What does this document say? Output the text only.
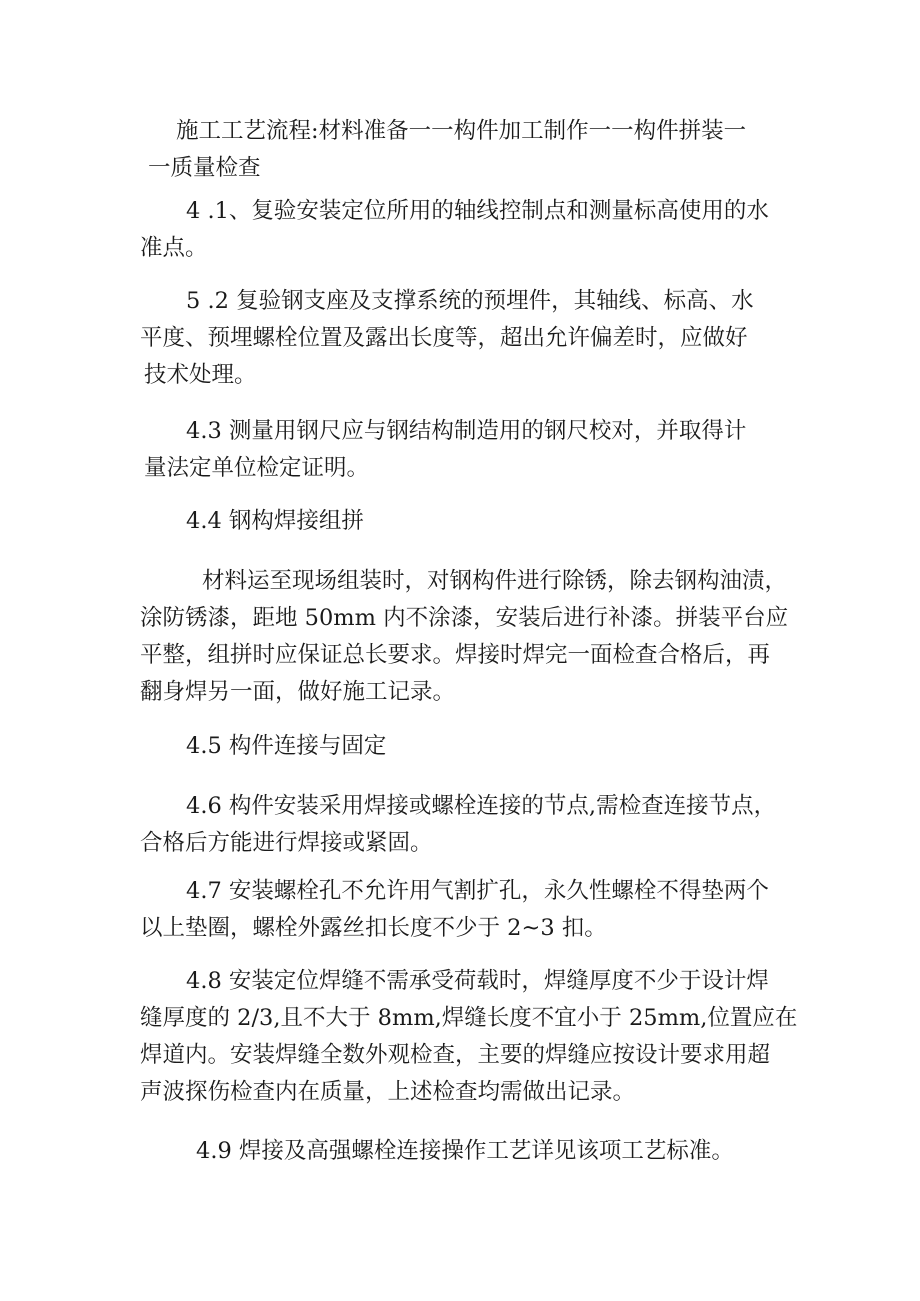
施工工艺流程:材料准备一一构件加工制作一一构件拼装一
一质量检查

4 .1、复验安装定位所用的轴线控制点和测量标高使用的水
准点。

5 .2 复验钢支座及支撑系统的预埋件，其轴线、标高、水
平度、预埋螺栓位置及露出长度等，超出允许偏差时，应做好
技术处理。

4.3 测量用钢尺应与钢结构制造用的钢尺校对，并取得计
量法定单位检定证明。

4.4 钢构焊接组拼

材料运至现场组装时，对钢构件进行除锈，除去钢构油渍，
涂防锈漆，距地 50mm 内不涂漆，安装后进行补漆。拼装平台应
平整，组拼时应保证总长要求。焊接时焊完一面检查合格后，再
翻身焊另一面，做好施工记录。

4.5 构件连接与固定

4.6 构件安装采用焊接或螺栓连接的节点,需检查连接节点，
合格后方能进行焊接或紧固。

4.7 安装螺栓孔不允许用气割扩孔，永久性螺栓不得垫两个
以上垫圈，螺栓外露丝扣长度不少于 2~3 扣。

4.8 安装定位焊缝不需承受荷载时，焊缝厚度不少于设计焊
缝厚度的 2/3,且不大于 8mm,焊缝长度不宜小于 25mm,位置应在
焊道内。安装焊缝全数外观检查，主要的焊缝应按设计要求用超
声波探伤检查内在质量，上述检查均需做出记录。

4.9 焊接及高强螺栓连接操作工艺详见该项工艺标准。
